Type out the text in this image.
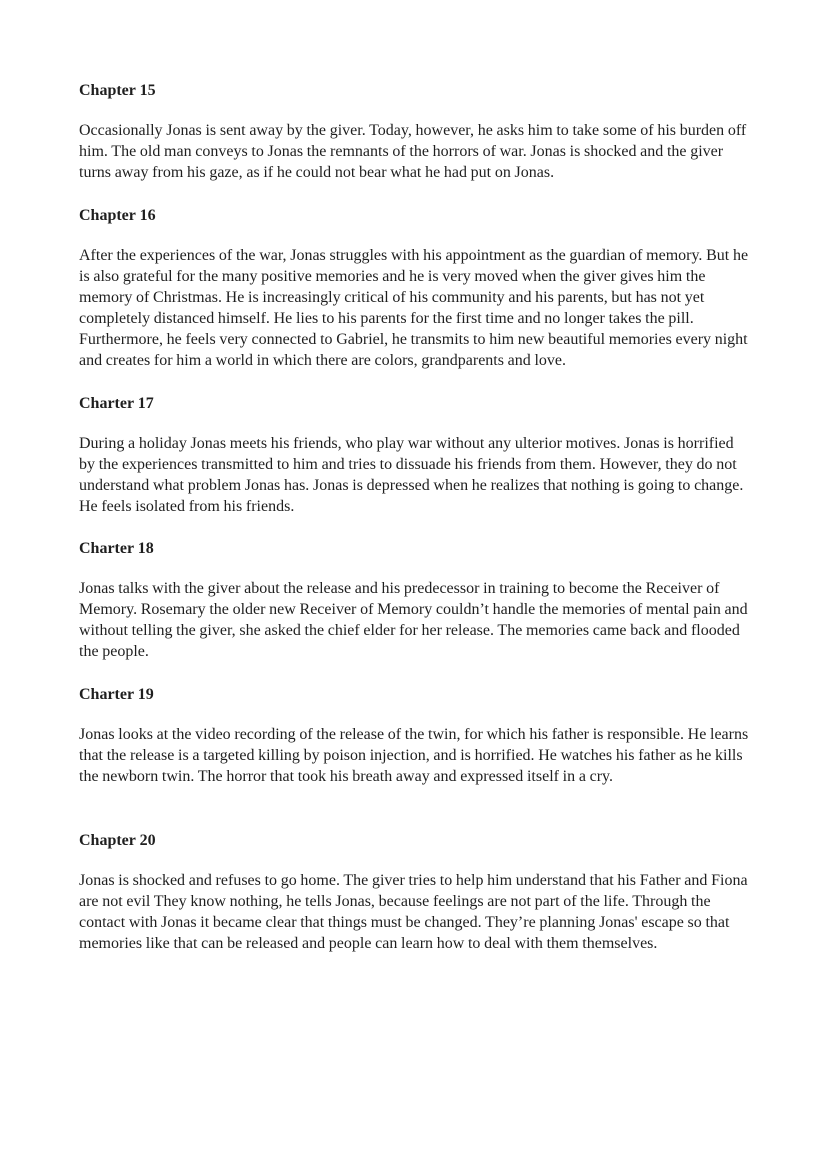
Chapter 15

Occasionally Jonas is sent away by the giver. Today, however, he asks him to take some of his burden off him. The old man conveys to Jonas the remnants of the horrors of war. Jonas is shocked and the giver turns away from his gaze, as if he could not bear what he had put on Jonas.

Chapter 16

After the experiences of the war, Jonas struggles with his appointment as the guardian of memory. But he is also grateful for the many positive memories and he is very moved when the giver gives him the memory of Christmas. He is increasingly critical of his community and his parents, but has not yet completely distanced himself. He lies to his parents for the first time and no longer takes the pill. Furthermore, he feels very connected to Gabriel, he transmits to him new beautiful memories every night and creates for him a world in which there are colors, grandparents and love.

Charter 17

During a holiday Jonas meets his friends, who play war without any ulterior motives. Jonas is horrified by the experiences transmitted to him and tries to dissuade his friends from them. However, they do not understand what problem Jonas has. Jonas is depressed when he realizes that nothing is going to change. He feels isolated from his friends.

Charter 18

Jonas talks with the giver about the release and his predecessor in training to become the Receiver of Memory. Rosemary the older new Receiver of Memory couldn’t handle the memories of mental pain and without telling the giver, she asked the chief elder for her release. The memories came back and flooded the people.

Charter 19

Jonas looks at the video recording of the release of the twin, for which his father is responsible. He learns that the release is a targeted killing by poison injection, and is horrified. He watches his father as he kills the newborn twin. The horror that took his breath away and expressed itself in a cry.

Chapter 20

Jonas is shocked and refuses to go home. The giver tries to help him understand that his Father and Fiona are not evil They know nothing, he tells Jonas, because feelings are not part of the life. Through the contact with Jonas it became clear that things must be changed. They’re planning Jonas' escape so that memories like that can be released and people can learn how to deal with them themselves.
